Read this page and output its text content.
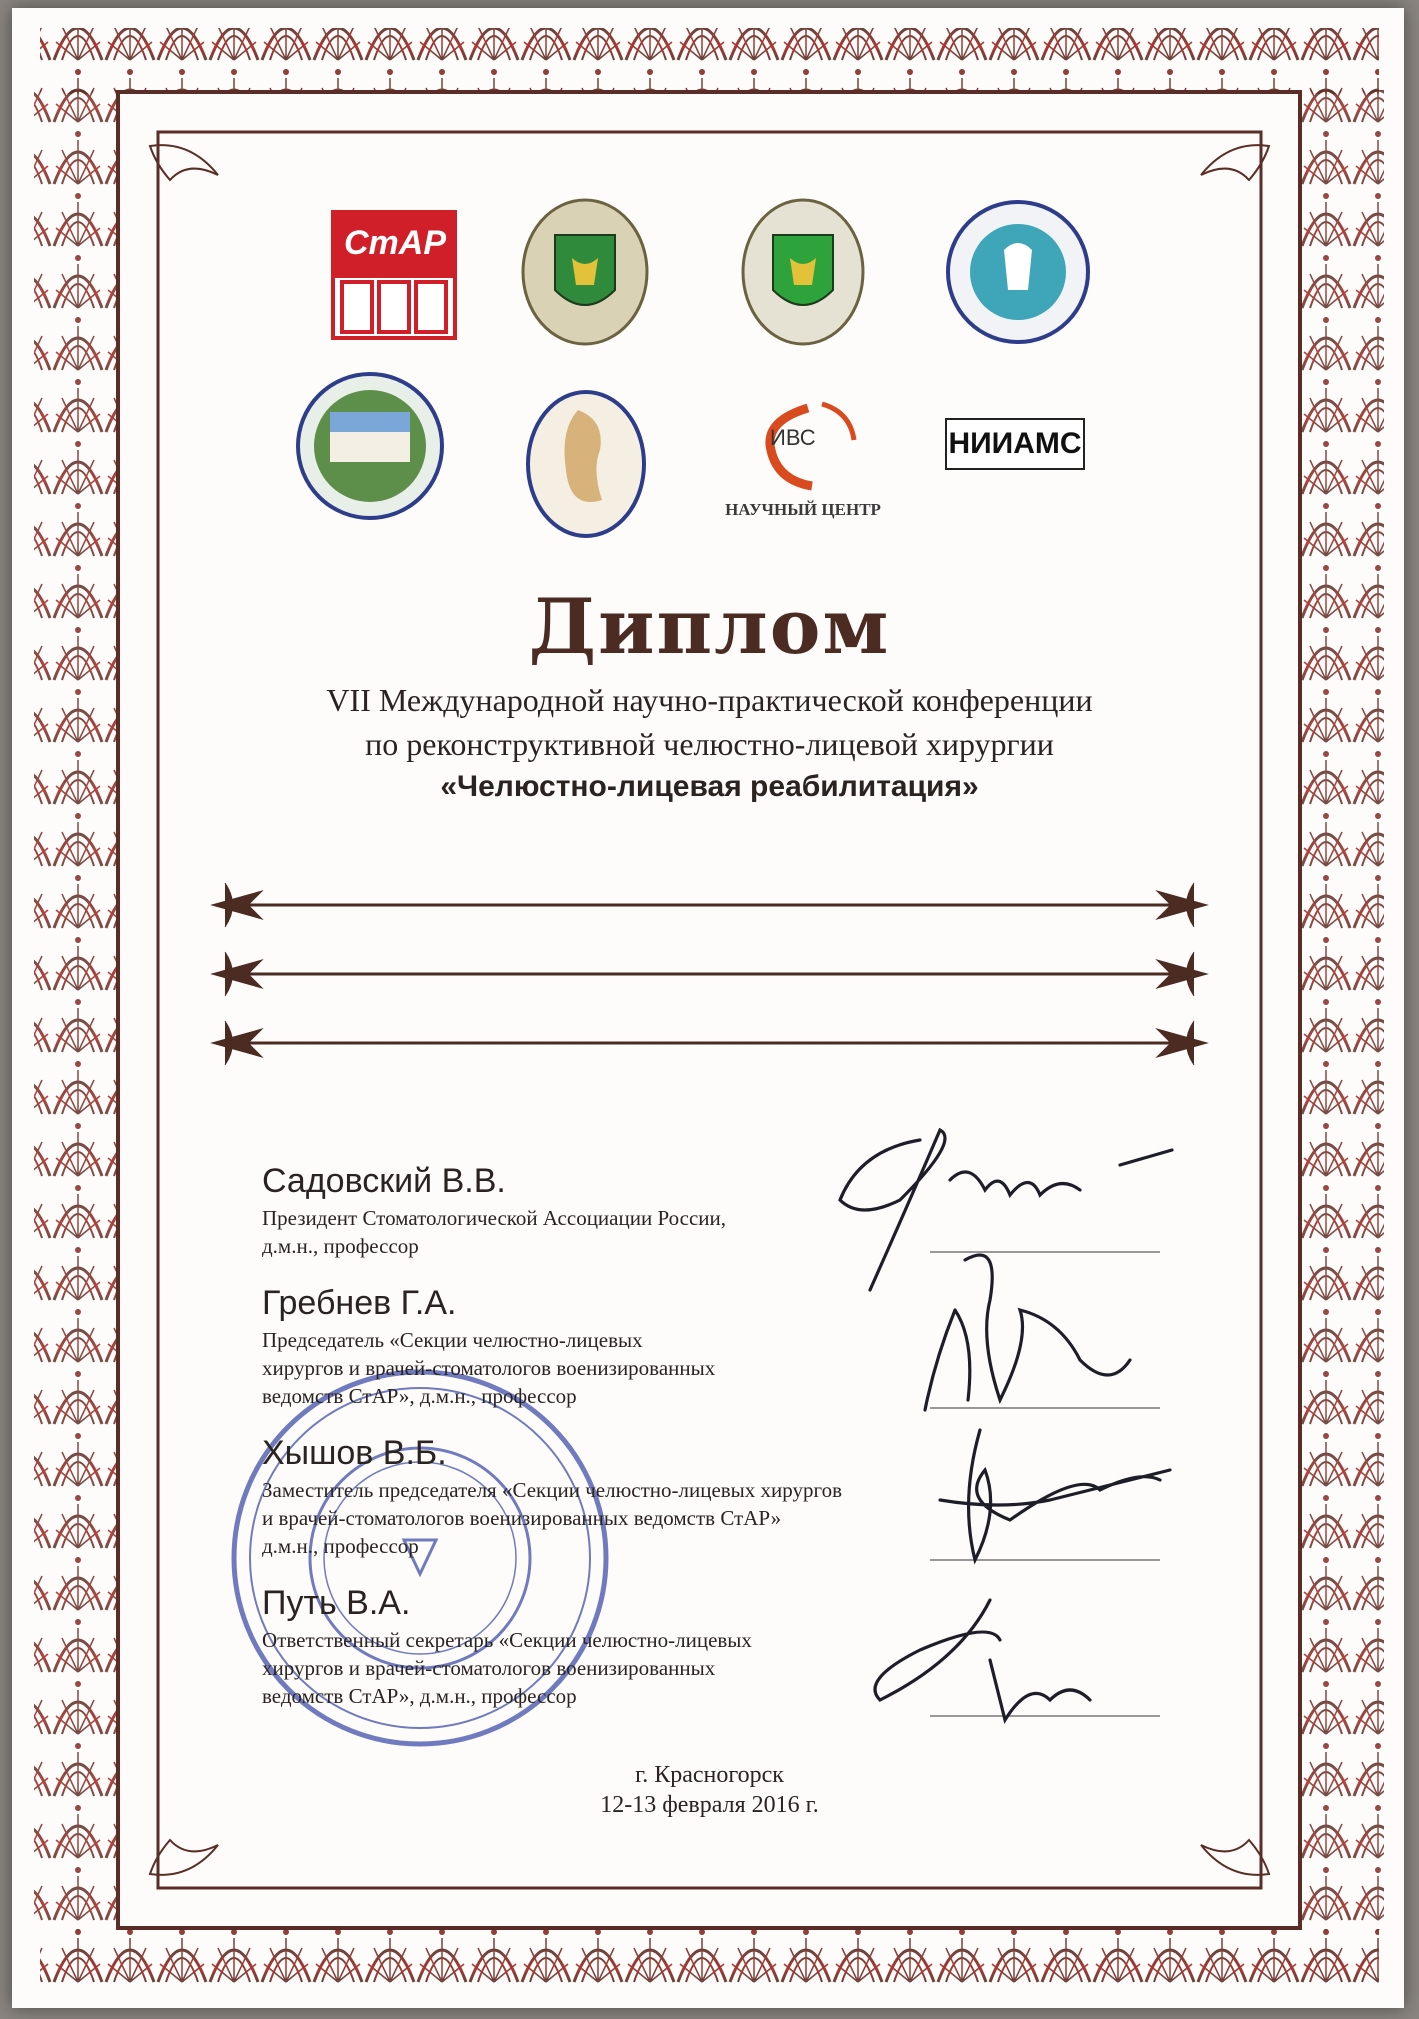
СтАР
ИВС
НАУЧНЫЙ ЦЕНТР
НИИАМС
Диплом
VII Международной научно-практической конференции
по реконструктивной челюстно-лицевой хирургии
«Челюстно-лицевая реабилитация»
Садовский В.В.
Президент Стоматологической Ассоциации России,
д.м.н., профессор
Гребнев Г.А.
Председатель «Секции челюстно-лицевых
хирургов и врачей-стоматологов военизированных
ведомств СтАР», д.м.н., профессор
Хышов В.Б.
Заместитель председателя «Секции челюстно-лицевых хирургов
и врачей-стоматологов военизированных ведомств СтАР»
д.м.н., профессор
Путь В.А.
Ответственный секретарь «Секции челюстно-лицевых
хирургов и врачей-стоматологов военизированных
ведомств СтАР», д.м.н., профессор
г. Красногорск
12-13 февраля 2016 г.
